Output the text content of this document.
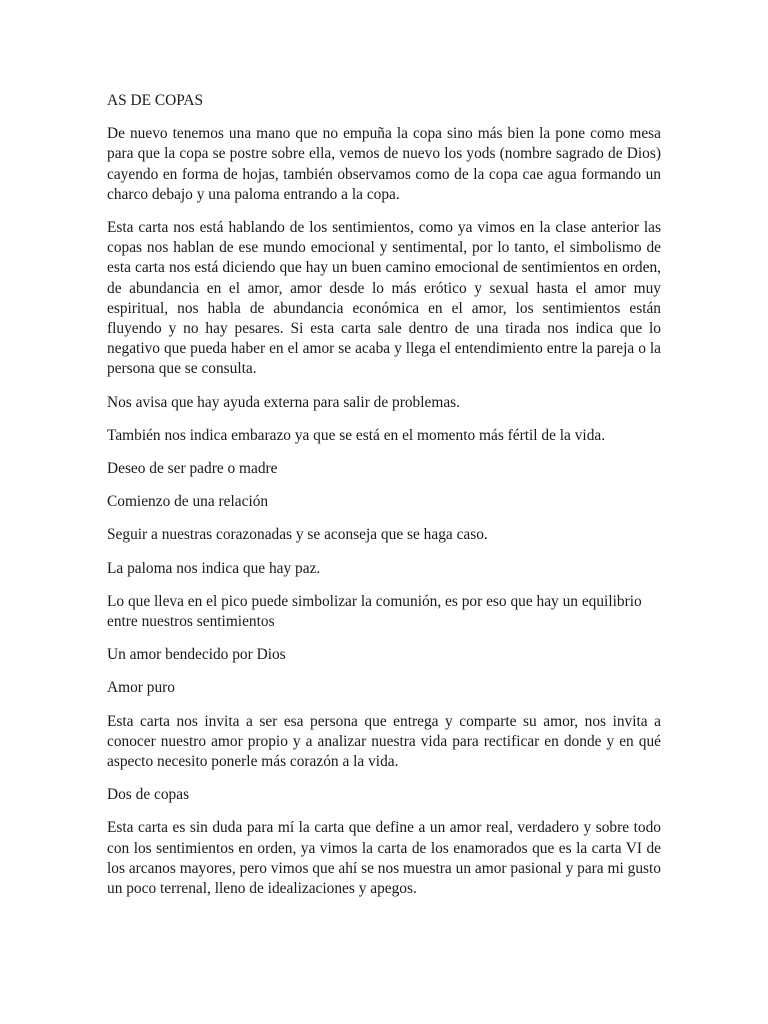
AS DE COPAS

De nuevo tenemos una mano que no empuña la copa sino más bien la pone como mesa para que la copa se postre sobre ella, vemos de nuevo los yods (nombre sagrado de Dios) cayendo en forma de hojas, también observamos como de la copa cae agua formando un charco debajo y una paloma entrando a la copa.

Esta carta nos está hablando de los sentimientos, como ya vimos en la clase anterior las copas nos hablan de ese mundo emocional y sentimental, por lo tanto, el simbolismo de esta carta nos está diciendo que hay un buen camino emocional de sentimientos en orden, de abundancia en el amor, amor desde lo más erótico y sexual hasta el amor muy espiritual, nos habla de abundancia económica en el amor, los sentimientos están fluyendo y no hay pesares. Si esta carta sale dentro de una tirada nos indica que lo negativo que pueda haber en el amor se acaba y llega el entendimiento entre la pareja o la persona que se consulta.

Nos avisa que hay ayuda externa para salir de problemas.

También nos indica embarazo ya que se está en el momento más fértil de la vida.

Deseo de ser padre o madre

Comienzo de una relación

Seguir a nuestras corazonadas y se aconseja que se haga caso.

La paloma nos indica que hay paz.

Lo que lleva en el pico puede simbolizar la comunión, es por eso que hay un equilibrio entre nuestros sentimientos

Un amor bendecido por Dios

Amor puro

Esta carta nos invita a ser esa persona que entrega y comparte su amor, nos invita a conocer nuestro amor propio y a analizar nuestra vida para rectificar en donde y en qué aspecto necesito ponerle más corazón a la vida.

Dos de copas

Esta carta es sin duda para mí la carta que define a un amor real, verdadero y sobre todo con los sentimientos en orden, ya vimos la carta de los enamorados que es la carta VI de los arcanos mayores, pero vimos que ahí se nos muestra un amor pasional y para mi gusto un poco terrenal, lleno de idealizaciones y apegos.
